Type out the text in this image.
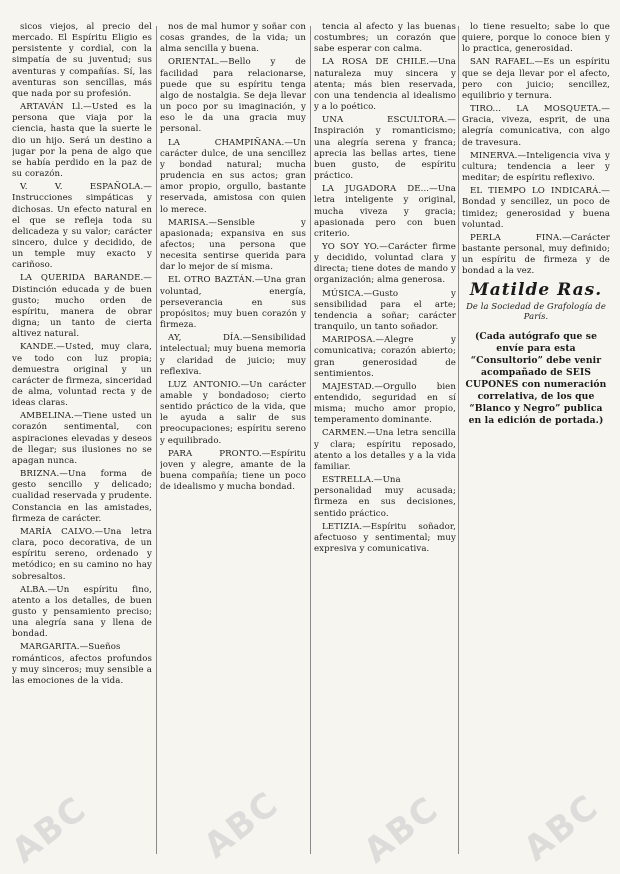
sicos viejos, al precio del mercado. El Espíritu Eligio es persistente y cordial, con la simpatía de su juventud; sus aventuras y compañías. Sí, las aventuras son sencillas, más que nada por su profesión.

ARTAVÁN Ll.—Usted es la persona que viaja por la ciencia, hasta que la suerte le dio un hijo. Será un destino a jugar por la pena de algo que se había perdido en la paz de su corazón.

V. V. ESPAÑOLA.—Instrucciones simpáticas y dichosas. Un efecto natural en el que se refleja toda su delicadeza y su valor; carácter sincero, dulce y decidido, de un temple muy exacto y cariñoso.

LA QUERIDA BARANDE.—Distinción educada y de buen gusto; mucho orden de espíritu, manera de obrar digna; un tanto de cierta altivez natural.

KANDE.—Usted, muy clara, ve todo con luz propia; demuestra original y un carácter de firmeza, sinceridad de alma, voluntad recta y de ideas claras.

AMBELINA.—Tiene usted un corazón sentimental, con aspiraciones elevadas y deseos de llegar; sus ilusiones no se apagan nunca.

BRIZNA.—Una forma de gesto sencillo y delicado; cualidad reservada y prudente. Constancia en las amistades, firmeza de carácter.

MARÍA CALVO.—Una letra clara, poco decorativa, de un espíritu sereno, ordenado y metódico; en su camino no hay sobresaltos.

ALBA.—Un espíritu fino, atento a los detalles, de buen gusto y pensamiento preciso; una alegría sana y llena de bondad.

MARGARITA.—Sueños románticos, afectos profundos y muy sinceros; muy sensible a las emociones de la vida.

nos de mal humor y soñar con cosas grandes, de la vida; un alma sencilla y buena.

ORIENTAL.—Bello y de facilidad para relacionarse, puede que su espíritu tenga algo de nostalgia. Se deja llevar un poco por su imaginación, y eso le da una gracia muy personal.

LA CHAMPIÑANA.—Un carácter dulce, de una sencillez y bondad natural; mucha prudencia en sus actos; gran amor propio, orgullo, bastante reservada, amistosa con quien lo merece.

MARISA.—Sensible y apasionada; expansiva en sus afectos; una persona que necesita sentirse querida para dar lo mejor de sí misma.

EL OTRO BAZTÁN.—Una gran voluntad, energía, perseverancia en sus propósitos; muy buen corazón y firmeza.

AY, DÍA.—Sensibilidad intelectual; muy buena memoria y claridad de juicio; muy reflexiva.

LUZ ANTONIO.—Un carácter amable y bondadoso; cierto sentido práctico de la vida, que le ayuda a salir de sus preocupaciones; espíritu sereno y equilibrado.

PARA PRONTO.—Espíritu joven y alegre, amante de la buena compañía; tiene un poco de idealismo y mucha bondad.

tencia al afecto y las buenas costumbres; un corazón que sabe esperar con calma.

LA ROSA DE CHILE.—Una naturaleza muy sincera y atenta; más bien reservada, con una tendencia al idealismo y a lo poético.

UNA ESCULTORA.—Inspiración y romanticismo; una alegría serena y franca; aprecia las bellas artes, tiene buen gusto, de espíritu práctico.

LA JUGADORA DE...—Una letra inteligente y original, mucha viveza y gracia; apasionada pero con buen criterio.

YO SOY YO.—Carácter firme y decidido, voluntad clara y directa; tiene dotes de mando y organización; alma generosa.

MÚSICA.—Gusto y sensibilidad para el arte; tendencia a soñar; carácter tranquilo, un tanto soñador.

MARIPOSA.—Alegre y comunicativa; corazón abierto; gran generosidad de sentimientos.

MAJESTAD.—Orgullo bien entendido, seguridad en sí misma; mucho amor propio, temperamento dominante.

CARMEN.—Una letra sencilla y clara; espíritu reposado, atento a los detalles y a la vida familiar.

ESTRELLA.—Una personalidad muy acusada; firmeza en sus decisiones, sentido práctico.

LETIZIA.—Espíritu soñador, afectuoso y sentimental; muy expresiva y comunicativa.

lo tiene resuelto; sabe lo que quiere, porque lo conoce bien y lo practica, generosidad.

SAN RAFAEL.—Es un espíritu que se deja llevar por el afecto, pero con juicio; sencillez, equilibrio y ternura.

TIRO... LA MOSQUETA.—Gracia, viveza, esprit, de una alegría comunicativa, con algo de travesura.

MINERVA.—Inteligencia viva y cultura; tendencia a leer y meditar; de espíritu reflexivo.

EL TIEMPO LO INDICARÁ.—Bondad y sencillez, un poco de timidez; generosidad y buena voluntad.

PERLA FINA.—Carácter bastante personal, muy definido; un espíritu de firmeza y de bondad a la vez.

Matilde Ras.
De la Sociedad de Grafología de París.
(Cada autógrafo que se envíe para esta “Consultorio” debe venir acompañado de SEIS CUPONES con numeración correlativa, de los que “Blanco y Negro” publica en la edición de portada.)
ABC	ABC ABC ABC
